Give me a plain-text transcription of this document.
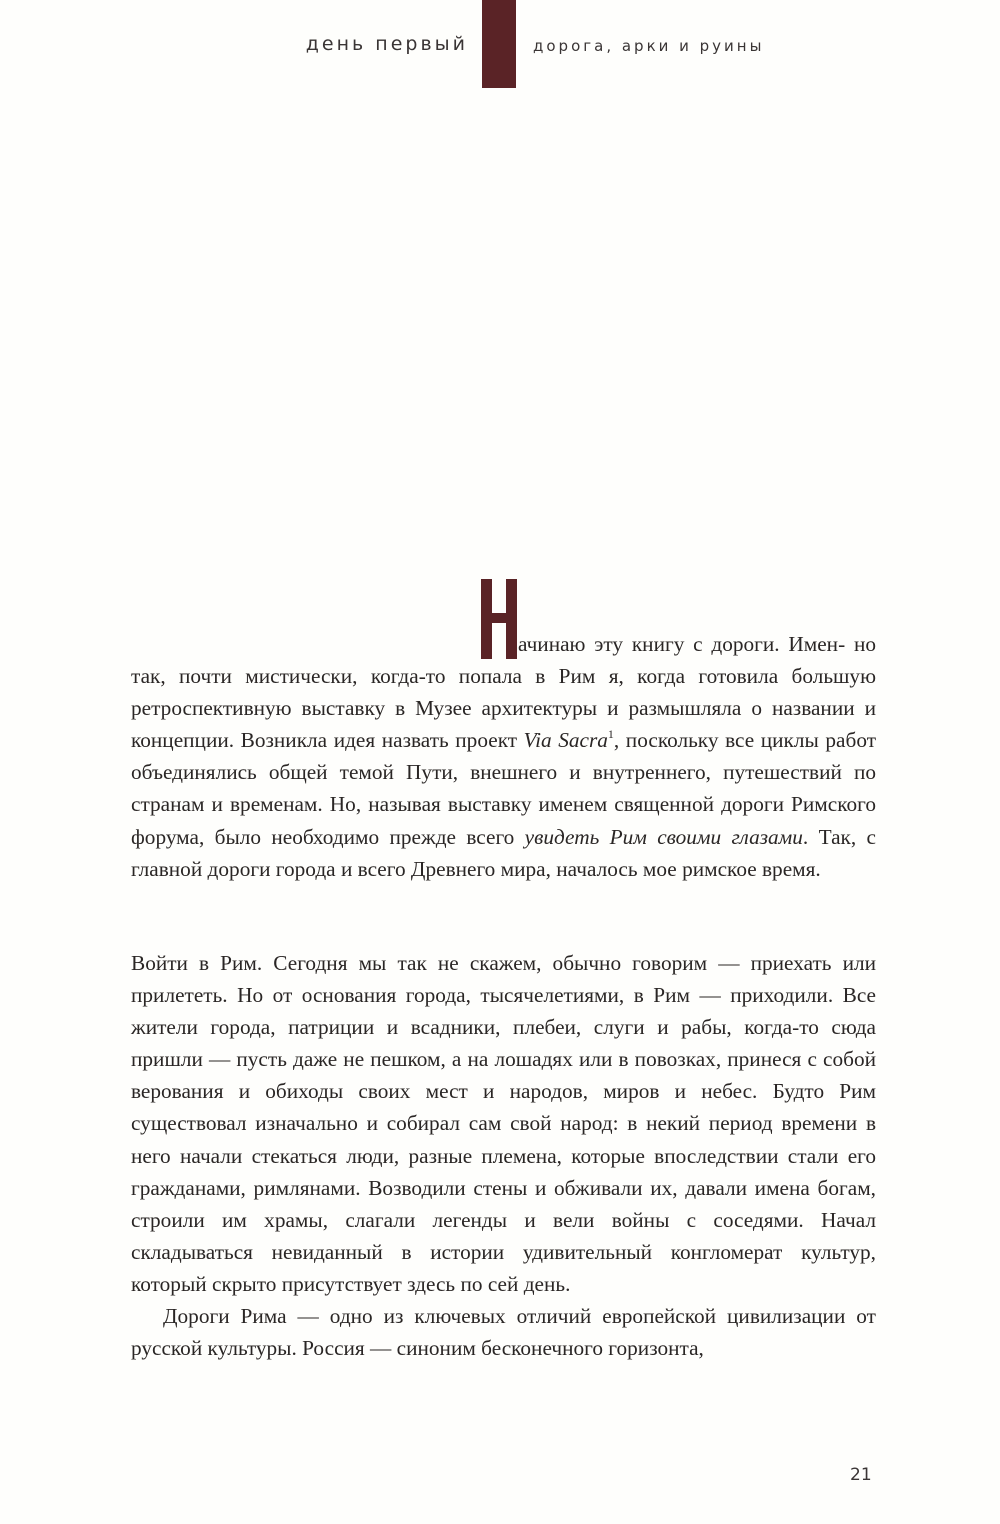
день первый	дорога, арки и руины

ачинаю эту книгу с дороги. Имен- но так, почти мистически, когда-то попала в Рим я, когда готовила большую ретроспективную выставку в Музее архитектуры и размышляла о названии и концепции. Возникла идея назвать проект Via Sacra$^1$, поскольку все циклы работ объединялись общей темой Пути, внешнего и внутреннего, путешествий по странам и временам. Но, называя выставку именем священной дороги Римского форума, было необходимо прежде всего увидеть Рим своими глазами. Так, с главной дороги города и всего Древнего мира, началось мое римское время.

Войти в Рим. Сегодня мы так не скажем, обычно говорим — приехать или прилететь. Но от основания города, тысячелетиями, в Рим — приходили. Все жители города, патриции и всадники, плебеи, слуги и рабы, когда-то сюда пришли — пусть даже не пешком, а на лошадях или в повозках, принеся с собой верования и обиходы своих мест и народов, миров и небес. Будто Рим существовал изначально и собирал сам свой народ: в некий период времени в него начали стекаться люди, разные племена, которые впоследствии стали его гражданами, римлянами. Возводили стены и обживали их, давали имена богам, строили им храмы, слагали легенды и вели войны с соседями. Начал складываться невиданный в истории удивительный конгломерат культур, который скрыто присутствует здесь по сей день.

Дороги Рима — одно из ключевых отличий европейской цивилизации от русской культуры. Россия — синоним бесконечного горизонта,

21
